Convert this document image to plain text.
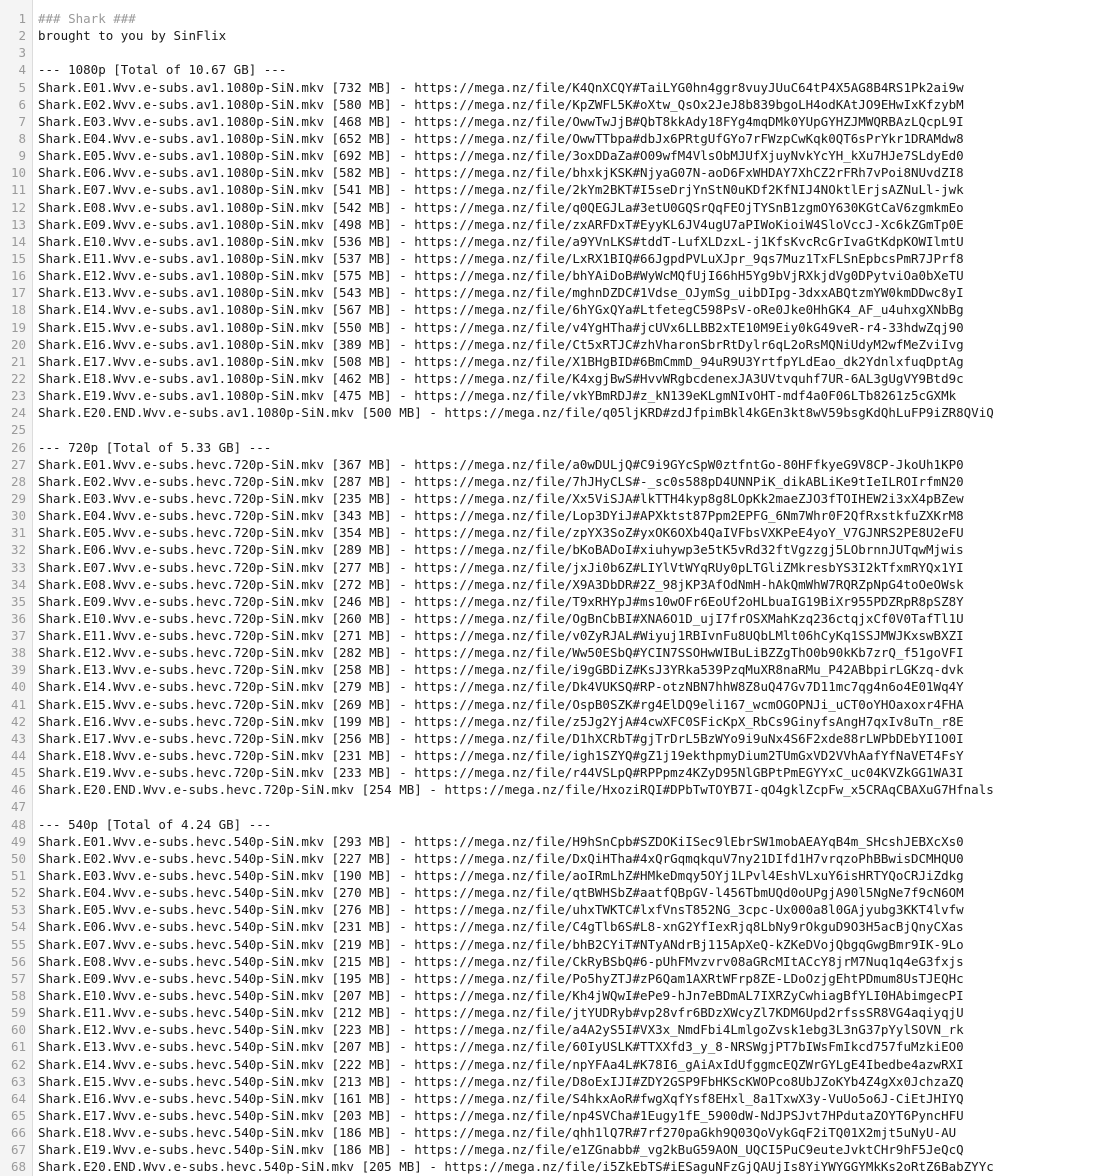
1
2
3
4
5
6
7
8
9
10
11
12
13
14
15
16
17
18
19
20
21
22
23
24
25
26
27
28
29
30
31
32
33
34
35
36
37
38
39
40
41
42
43
44
45
46
47
48
49
50
51
52
53
54
55
56
57
58
59
60
61
62
63
64
65
66
67
68
### Shark ###
brought to you by SinFlix
--- 1080p [Total of 10.67 GB] ---
Shark.E01.Wvv.e-subs.av1.1080p-SiN.mkv [732 MB] - https://mega.nz/file/K4QnXCQY#TaiLYG0hn4ggr8vuyJUuC64tP4X5AG8B4RS1Pk2ai9w
Shark.E02.Wvv.e-subs.av1.1080p-SiN.mkv [580 MB] - https://mega.nz/file/KpZWFL5K#oXtw_QsOx2JeJ8b839bgoLH4odKAtJO9EHwIxKfzybM
Shark.E03.Wvv.e-subs.av1.1080p-SiN.mkv [468 MB] - https://mega.nz/file/OwwTwJjB#QbT8kkAdy18FYg4mqDMk0YUpGYHZJMWQRBAzLQcpL9I
Shark.E04.Wvv.e-subs.av1.1080p-SiN.mkv [652 MB] - https://mega.nz/file/OwwTTbpa#dbJx6PRtgUfGYo7rFWzpCwKqk0QT6sPrYkr1DRAMdw8
Shark.E05.Wvv.e-subs.av1.1080p-SiN.mkv [692 MB] - https://mega.nz/file/3oxDDaZa#O09wfM4VlsObMJUfXjuyNvkYcYH_kXu7HJe7SLdyEd0
Shark.E06.Wvv.e-subs.av1.1080p-SiN.mkv [582 MB] - https://mega.nz/file/bhxkjKSK#NjyaG07N-aoD6FxWHDAY7XhCZ2rFRh7vPoi8NUvdZI8
Shark.E07.Wvv.e-subs.av1.1080p-SiN.mkv [541 MB] - https://mega.nz/file/2kYm2BKT#I5seDrjYnStN0uKDf2KfNIJ4NOktlErjsAZNuLl-jwk
Shark.E08.Wvv.e-subs.av1.1080p-SiN.mkv [542 MB] - https://mega.nz/file/q0QEGJLa#3etU0GQSrQqFEOjTYSnB1zgmOY630KGtCaV6zgmkmEo
Shark.E09.Wvv.e-subs.av1.1080p-SiN.mkv [498 MB] - https://mega.nz/file/zxARFDxT#EyyKL6JV4ugU7aPIWoKioiW4SloVccJ-Xc6kZGmTp0E
Shark.E10.Wvv.e-subs.av1.1080p-SiN.mkv [536 MB] - https://mega.nz/file/a9YVnLKS#tddT-LufXLDzxL-j1KfsKvcRcGrIvaGtKdpKOWIlmtU
Shark.E11.Wvv.e-subs.av1.1080p-SiN.mkv [537 MB] - https://mega.nz/file/LxRX1BIQ#66JgpdPVLuXJpr_9qs7Muz1TxFLSnEpbcsPmR7JPrf8
Shark.E12.Wvv.e-subs.av1.1080p-SiN.mkv [575 MB] - https://mega.nz/file/bhYAiDoB#WyWcMQfUjI66hH5Yg9bVjRXkjdVg0DPytviOa0bXeTU
Shark.E13.Wvv.e-subs.av1.1080p-SiN.mkv [543 MB] - https://mega.nz/file/mghnDZDC#1Vdse_OJymSg_uibDIpg-3dxxABQtzmYW0kmDDwc8yI
Shark.E14.Wvv.e-subs.av1.1080p-SiN.mkv [567 MB] - https://mega.nz/file/6hYGxQYa#LtfetegC598PsV-oRe0Jke0HhGK4_AF_u4uhxgXNbBg
Shark.E15.Wvv.e-subs.av1.1080p-SiN.mkv [550 MB] - https://mega.nz/file/v4YgHTha#jcUVx6LLBB2xTE10M9Eiy0kG49veR-r4-33hdwZqj90
Shark.E16.Wvv.e-subs.av1.1080p-SiN.mkv [389 MB] - https://mega.nz/file/Ct5xRTJC#zhVharonSbrRtDylr6qL2oRsMQNiUdyM2wfMeZviIvg
Shark.E17.Wvv.e-subs.av1.1080p-SiN.mkv [508 MB] - https://mega.nz/file/X1BHgBID#6BmCmmD_94uR9U3YrtfpYLdEao_dk2YdnlxfuqDptAg
Shark.E18.Wvv.e-subs.av1.1080p-SiN.mkv [462 MB] - https://mega.nz/file/K4xgjBwS#HvvWRgbcdenexJA3UVtvquhf7UR-6AL3gUgVY9Btd9c
Shark.E19.Wvv.e-subs.av1.1080p-SiN.mkv [475 MB] - https://mega.nz/file/vkYBmRDJ#z_kN139eKLgmNIvOHT-mdf4a0F06LTb8261z5cGXMk
Shark.E20.END.Wvv.e-subs.av1.1080p-SiN.mkv [500 MB] - https://mega.nz/file/q05ljKRD#zdJfpimBkl4kGEn3kt8wV59bsgKdQhLuFP9iZR8QViQ
--- 720p [Total of 5.33 GB] ---
Shark.E01.Wvv.e-subs.hevc.720p-SiN.mkv [367 MB] - https://mega.nz/file/a0wDULjQ#C9i9GYcSpW0ztfntGo-80HFfkyeG9V8CP-JkoUh1KP0
Shark.E02.Wvv.e-subs.hevc.720p-SiN.mkv [287 MB] - https://mega.nz/file/7hJHyCLS#-_sc0s588pD4UNNPiK_dikABLiKe9tIeILROIrfmN20
Shark.E03.Wvv.e-subs.hevc.720p-SiN.mkv [235 MB] - https://mega.nz/file/Xx5ViSJA#lkTTH4kyp8g8LOpKk2maeZJO3fTOIHEW2i3xX4pBZew
Shark.E04.Wvv.e-subs.hevc.720p-SiN.mkv [343 MB] - https://mega.nz/file/Lop3DYiJ#APXktst87Ppm2EPFG_6Nm7Whr0F2QfRxstkfuZXKrM8
Shark.E05.Wvv.e-subs.hevc.720p-SiN.mkv [354 MB] - https://mega.nz/file/zpYX3SoZ#yxOK6OXb4QaIVFbsVXKPeE4yoY_V7GJNRS2PE8U2eFU
Shark.E06.Wvv.e-subs.hevc.720p-SiN.mkv [289 MB] - https://mega.nz/file/bKoBADoI#xiuhywp3e5tK5vRd32ftVgzzgj5LObrnnJUTqwMjwis
Shark.E07.Wvv.e-subs.hevc.720p-SiN.mkv [277 MB] - https://mega.nz/file/jxJi0b6Z#LIYlVtWYqRUy0pLTGliZMkresbYS3I2kTfxmRYQx1YI
Shark.E08.Wvv.e-subs.hevc.720p-SiN.mkv [272 MB] - https://mega.nz/file/X9A3DbDR#2Z_98jKP3AfOdNmH-hAkQmWhW7RQRZpNpG4toOeOWsk
Shark.E09.Wvv.e-subs.hevc.720p-SiN.mkv [246 MB] - https://mega.nz/file/T9xRHYpJ#ms10wOFr6EoUf2oHLbuaIG19BiXr955PDZRpR8pSZ8Y
Shark.E10.Wvv.e-subs.hevc.720p-SiN.mkv [260 MB] - https://mega.nz/file/OgBnCbBI#XNA6O1D_ujI7frOSXMahKzq236ctqjxCf0V0TafTl1U
Shark.E11.Wvv.e-subs.hevc.720p-SiN.mkv [271 MB] - https://mega.nz/file/v0ZyRJAL#Wiyuj1RBIvnFu8UQbLMlt06hCyKq1SSJMWJKxswBXZI
Shark.E12.Wvv.e-subs.hevc.720p-SiN.mkv [282 MB] - https://mega.nz/file/Ww50ESbQ#YCIN7SSOHwWIBuLiBZZgThO0b90kKb7zrQ_f51goVFI
Shark.E13.Wvv.e-subs.hevc.720p-SiN.mkv [258 MB] - https://mega.nz/file/i9gGBDiZ#KsJ3YRka539PzqMuXR8naRMu_P42ABbpirLGKzq-dvk
Shark.E14.Wvv.e-subs.hevc.720p-SiN.mkv [279 MB] - https://mega.nz/file/Dk4VUKSQ#RP-otzNBN7hhW8Z8uQ47Gv7D11mc7qg4n6o4E01Wq4Y
Shark.E15.Wvv.e-subs.hevc.720p-SiN.mkv [269 MB] - https://mega.nz/file/OspB0SZK#rg4ElDQ9eli167_wcmOGOPNJi_uCT0oYHOaxoxr4FHA
Shark.E16.Wvv.e-subs.hevc.720p-SiN.mkv [199 MB] - https://mega.nz/file/z5Jg2YjA#4cwXFC0SFicKpX_RbCs9GinyfsAngH7qxIv8uTn_r8E
Shark.E17.Wvv.e-subs.hevc.720p-SiN.mkv [256 MB] - https://mega.nz/file/D1hXCRbT#gjTrDrL5BzWYo9i9uNx4S6F2xde88rLWPbDEbYI1O0I
Shark.E18.Wvv.e-subs.hevc.720p-SiN.mkv [231 MB] - https://mega.nz/file/igh1SZYQ#gZ1j19ekthpmyDium2TUmGxVD2VVhAafYfNaVET4FsY
Shark.E19.Wvv.e-subs.hevc.720p-SiN.mkv [233 MB] - https://mega.nz/file/r44VSLpQ#RPPpmz4KZyD95NlGBPtPmEGYYxC_uc04KVZkGG1WA3I
Shark.E20.END.Wvv.e-subs.hevc.720p-SiN.mkv [254 MB] - https://mega.nz/file/HxoziRQI#DPbTwTOYB7I-qO4gklZcpFw_x5CRAqCBAXuG7Hfnals
--- 540p [Total of 4.24 GB] ---
Shark.E01.Wvv.e-subs.hevc.540p-SiN.mkv [293 MB] - https://mega.nz/file/H9hSnCpb#SZDOKiISec9lEbrSW1mobAEAYqB4m_SHcshJEBXcXs0
Shark.E02.Wvv.e-subs.hevc.540p-SiN.mkv [227 MB] - https://mega.nz/file/DxQiHTha#4xQrGqmqkquV7ny21DIfd1H7vrqzoPhBBwisDCMHQU0
Shark.E03.Wvv.e-subs.hevc.540p-SiN.mkv [190 MB] - https://mega.nz/file/aoIRmLhZ#HMkeDmqy5OYj1LPvl4EshVLxuY6isHRTYQoCRJiZdkg
Shark.E04.Wvv.e-subs.hevc.540p-SiN.mkv [270 MB] - https://mega.nz/file/qtBWHSbZ#aatfQBpGV-l456TbmUQd0oUPgjA90l5NgNe7f9cN6OM
Shark.E05.Wvv.e-subs.hevc.540p-SiN.mkv [276 MB] - https://mega.nz/file/uhxTWKTC#lxfVnsT852NG_3cpc-Ux000a8l0GAjyubg3KKT4lvfw
Shark.E06.Wvv.e-subs.hevc.540p-SiN.mkv [231 MB] - https://mega.nz/file/C4gTlb6S#L8-xnG2YfIexRjq8LbNy9rOkguD9O3H5acBjQnyCXas
Shark.E07.Wvv.e-subs.hevc.540p-SiN.mkv [219 MB] - https://mega.nz/file/bhB2CYiT#NTyANdrBj115ApXeQ-kZKeDVojQbgqGwgBmr9IK-9Lo
Shark.E08.Wvv.e-subs.hevc.540p-SiN.mkv [215 MB] - https://mega.nz/file/CkRyBSbQ#6-pUhFMvzvrv08aGRcMItACcY8jrM7Nuq1q4eG3fxjs
Shark.E09.Wvv.e-subs.hevc.540p-SiN.mkv [195 MB] - https://mega.nz/file/Po5hyZTJ#zP6Qam1AXRtWFrp8ZE-LDoOzjgEhtPDmum8UsTJEQHc
Shark.E10.Wvv.e-subs.hevc.540p-SiN.mkv [207 MB] - https://mega.nz/file/Kh4jWQwI#ePe9-hJn7eBDmAL7IXRZyCwhiagBfYLI0HAbimgecPI
Shark.E11.Wvv.e-subs.hevc.540p-SiN.mkv [212 MB] - https://mega.nz/file/jtYUDRyb#vp28vfr6BDzXWcyZl7KDM6Upd2rfssSR8VG4aqiyqjU
Shark.E12.Wvv.e-subs.hevc.540p-SiN.mkv [223 MB] - https://mega.nz/file/a4A2yS5I#VX3x_NmdFbi4LmlgoZvsk1ebg3L3nG37pYylSOVN_rk
Shark.E13.Wvv.e-subs.hevc.540p-SiN.mkv [207 MB] - https://mega.nz/file/60IyUSLK#TTXXfd3_y_8-NRSWgjPT7bIWsFmIkcd757fuMzkiEO0
Shark.E14.Wvv.e-subs.hevc.540p-SiN.mkv [222 MB] - https://mega.nz/file/npYFAa4L#K78I6_gAiAxIdUfggmcEQZWrGYLgE4Ibedbe4azwRXI
Shark.E15.Wvv.e-subs.hevc.540p-SiN.mkv [213 MB] - https://mega.nz/file/D8oExIJI#ZDY2GSP9FbHKScKWOPco8UbJZoKYb4Z4gXx0JchzaZQ
Shark.E16.Wvv.e-subs.hevc.540p-SiN.mkv [161 MB] - https://mega.nz/file/S4hkxAoR#fwgXqfYsf8EHxl_8a1TxwX3y-VuUo5o6J-CiEtJHIYQ
Shark.E17.Wvv.e-subs.hevc.540p-SiN.mkv [203 MB] - https://mega.nz/file/np4SVCha#1Eugy1fE_5900dW-NdJPSJvt7HPdutaZOYT6PyncHFU
Shark.E18.Wvv.e-subs.hevc.540p-SiN.mkv [186 MB] - https://mega.nz/file/qhh1lQ7R#7rf270paGkh9Q03QoVykGqF2iTQ01X2mjt5uNyU-AU
Shark.E19.Wvv.e-subs.hevc.540p-SiN.mkv [186 MB] - https://mega.nz/file/e1ZGnabb#_vg2kBuG59AON_UQCI5PuC9euteJvktCHr9hF5JeQcQ
Shark.E20.END.Wvv.e-subs.hevc.540p-SiN.mkv [205 MB] - https://mega.nz/file/i5ZkEbTS#iESaguNFzGjQAUjIs8YiYWYGGYMkKs2oRtZ6BabZYYc
